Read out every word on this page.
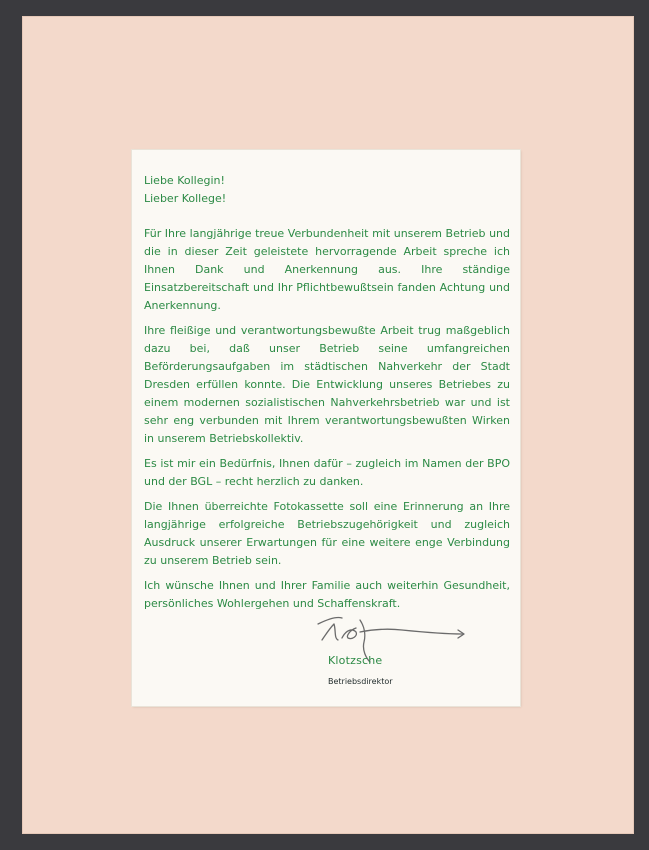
Liebe Kollegin!

Lieber Kollege!

Für Ihre langjährige treue Verbundenheit mit unserem Betrieb und die in dieser Zeit geleistete hervorragende Arbeit spreche ich Ihnen Dank und Anerkennung aus. Ihre ständige Einsatzbereitschaft und Ihr Pflichtbewußtsein fanden Achtung und Anerkennung.

Ihre fleißige und verantwortungsbewußte Arbeit trug maßgeblich dazu bei, daß unser Betrieb seine umfangreichen Beförderungsaufgaben im städtischen Nahverkehr der Stadt Dresden erfüllen konnte. Die Entwicklung unseres Betriebes zu einem modernen sozialistischen Nahverkehrsbetrieb war und ist sehr eng verbunden mit Ihrem verantwortungsbewußten Wirken in unserem Betriebskollektiv.

Es ist mir ein Bedürfnis, Ihnen dafür – zugleich im Namen der BPO und der BGL – recht herzlich zu danken.

Die Ihnen überreichte Fotokassette soll eine Erinnerung an Ihre langjährige erfolgreiche Betriebszugehörigkeit und zugleich Ausdruck unserer Erwartungen für eine weitere enge Verbindung zu unserem Betrieb sein.

Ich wünsche Ihnen und Ihrer Familie auch weiterhin Gesundheit, persönliches Wohlergehen und Schaffenskraft.

Klotzsche
Betriebsdirektor
